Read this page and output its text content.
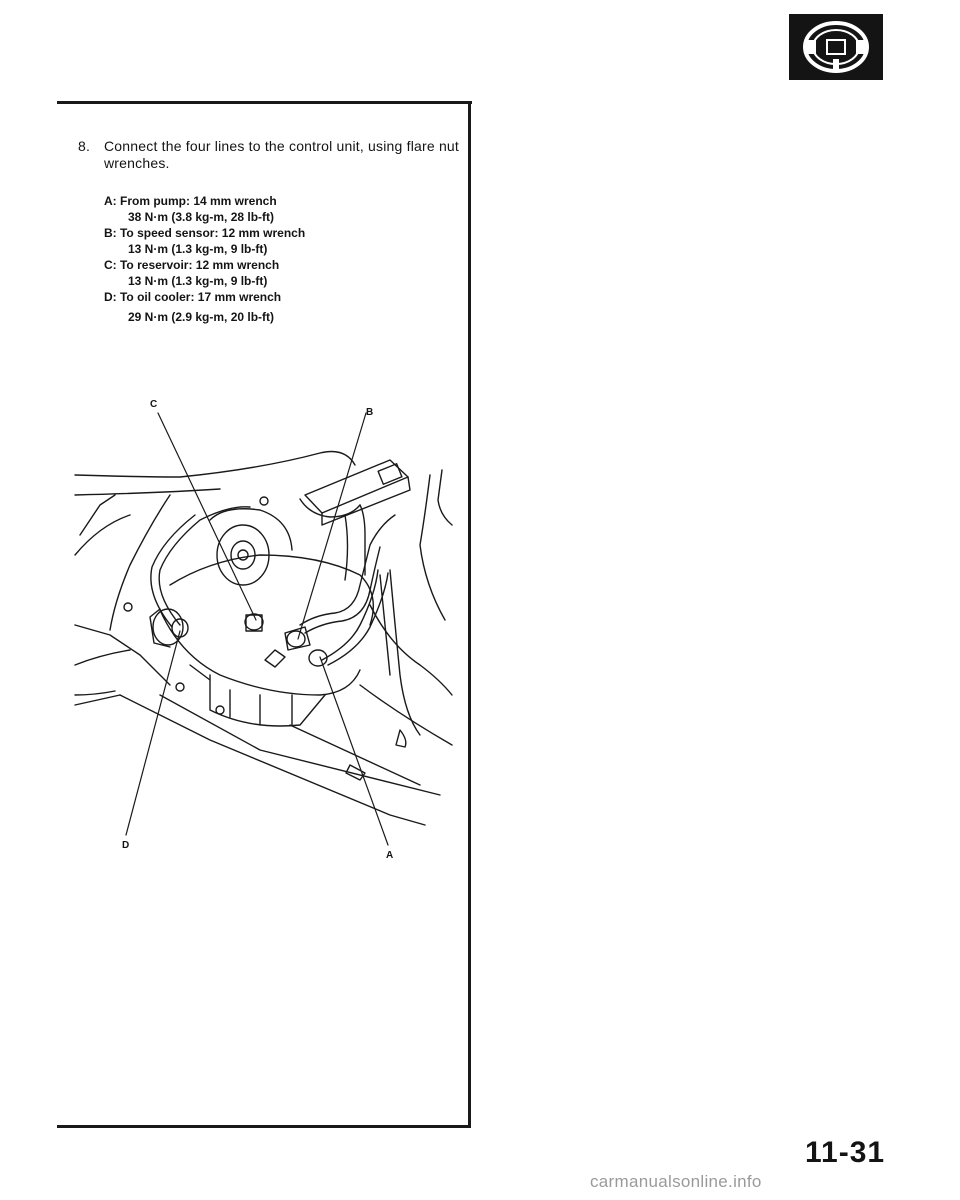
8. Connect the four lines to the control unit, using flare nut wrenches.
A: From pump: 14 mm wrench
38 N·m (3.8 kg-m, 28 lb-ft)
B: To speed sensor: 12 mm wrench
13 N·m (1.3 kg-m, 9 lb-ft)
C: To reservoir: 12 mm wrench
13 N·m (1.3 kg-m, 9 lb-ft)
D: To oil cooler: 17 mm wrench
29 N·m (2.9 kg-m, 20 lb-ft)
C
B
D
A
11-31
carmanualsonline.info
